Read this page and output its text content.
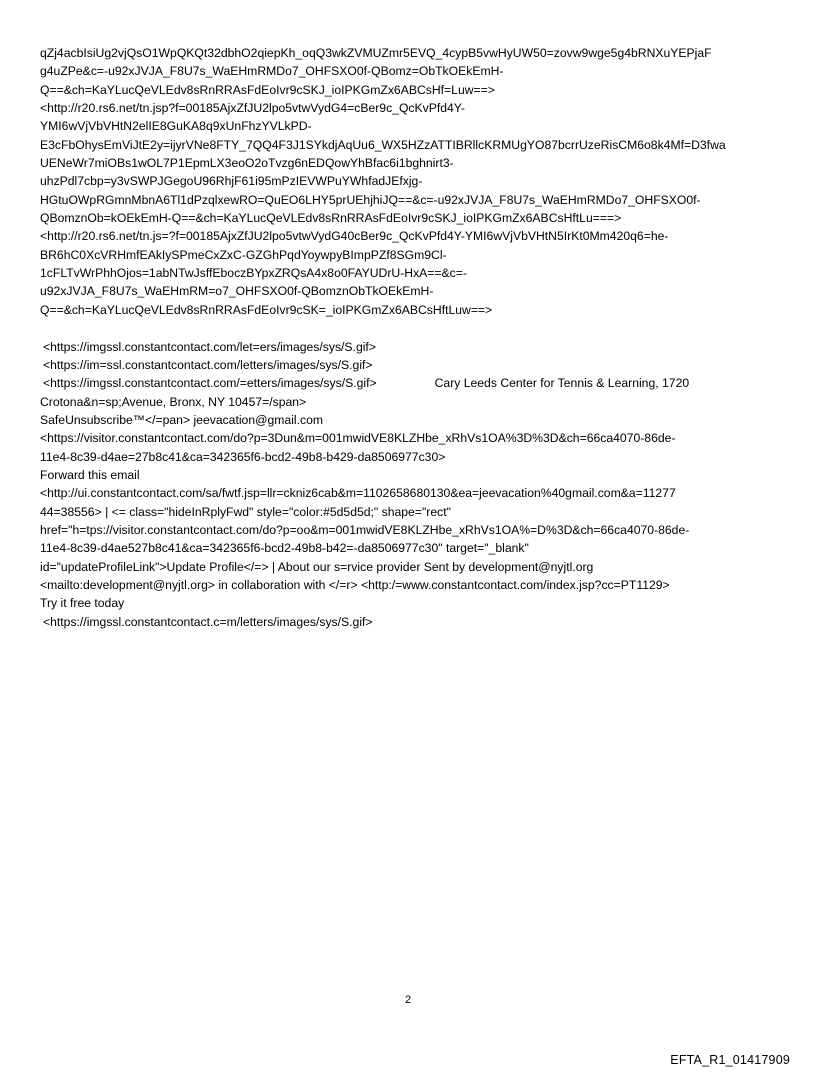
qZj4acbIsiUg2vjQsO1WpQKQt32dbhO2qiepKh_oqQ3wkZVMUZmr5EVQ_4cypB5vwHyUW50=zovw9wge5g4bRNXuYEPjaF
g4uZPe&c=-u92xJVJA_F8U7s_WaEHmRMDo7_OHFSXO0f-QBomz=ObTkOEkEmH-
Q==&ch=KaYLucQeVLEdv8sRnRRAsFdEoIvr9cSKJ_ioIPKGmZx6ABCsHf=Luw==>
<http://r20.rs6.net/tn.jsp?f=00185AjxZfJU2lpo5vtwVydG4=cBer9c_QcKvPfd4Y-
YMI6wVjVbVHtN2elIE8GuKA8q9xUnFhzYVLkPD-
E3cFbOhysEmViJtE2y=ijyrVNe8FTY_7QQ4F3J1SYkdjAqUu6_WX5HZzATTIBRllcKRMUgYO87bcrrUzeRisCM6o8k4Mf=D3fwa
UENeWr7miOBs1wOL7P1EpmLX3eoO2oTvzg6nEDQowYhBfac6i1bghnirt3-
uhzPdl7cbp=y3vSWPJGegoU96RhjF61i95mPzIEVWPuYWhfadJEfxjg-
HGtuOWpRGmnMbnA6Tl1dPzqlxewRO=QuEO6LHY5prUEhjhiJQ==&c=-u92xJVJA_F8U7s_WaEHmRMDo7_OHFSXO0f-
QBomznOb=kOEkEmH-Q==&ch=KaYLucQeVLEdv8sRnRRAsFdEoIvr9cSKJ_ioIPKGmZx6ABCsHftLu===>
<http://r20.rs6.net/tn.js=?f=00185AjxZfJU2lpo5vtwVydG40cBer9c_QcKvPfd4Y-YMI6wVjVbVHtN5IrKt0Mm420q6=he-
BR6hC0XcVRHmfEAkIySPmeCxZxC-GZGhPqdYoywpyBImpPZf8SGm9Cl-
1cFLTvWrPhhOjos=1abNTwJsffEboczBYpxZRQsA4x8o0FAYUDrU-HxA==&c=-
u92xJVJA_F8U7s_WaEHmRM=o7_OHFSXO0f-QBomznObTkOEkEmH-
Q==&ch=KaYLucQeVLEdv8sRnRRAsFdEoIvr9cSK=_ioIPKGmZx6ABCsHftLuw==>
<https://imgssl.constantcontact.com/let=ers/images/sys/S.gif>
<https://im=ssl.constantcontact.com/letters/images/sys/S.gif>
<https://imgssl.constantcontact.com/=etters/images/sys/S.gif>	Cary Leeds Center for Tennis & Learning, 1720
Crotona&n=sp;Avenue, Bronx, NY 10457=/span>
SafeUnsubscribe™</=pan> jeevacation@gmail.com
<https://visitor.constantcontact.com/do?p=3Dun&m=001mwidVE8KLZHbe_xRhVs1OA%3D%3D&ch=66ca4070-86de-
11e4-8c39-d4ae=27b8c41&ca=342365f6-bcd2-49b8-b429-da8506977c30>
Forward this email
<http://ui.constantcontact.com/sa/fwtf.jsp=llr=ckniz6cab&m=1102658680130&ea=jeevacation%40gmail.com&a=11277
44=38556> | <= class="hideInRplyFwd" style="color:#5d5d5d;" shape="rect"
href="h=tps://visitor.constantcontact.com/do?p=oo&m=001mwidVE8KLZHbe_xRhVs1OA%=D%3D&ch=66ca4070-86de-
11e4-8c39-d4ae527b8c41&ca=342365f6-bcd2-49b8-b42=-da8506977c30" target="_blank"
id="updateProfileLink">Update Profile</=> | About our s=rvice provider Sent by development@nyjtl.org
<mailto:development@nyjtl.org> in collaboration with </=r> <http:/=www.constantcontact.com/index.jsp?cc=PT1129>
Try it free today
<https://imgssl.constantcontact.c=m/letters/images/sys/S.gif>
2
EFTA_R1_01417909
